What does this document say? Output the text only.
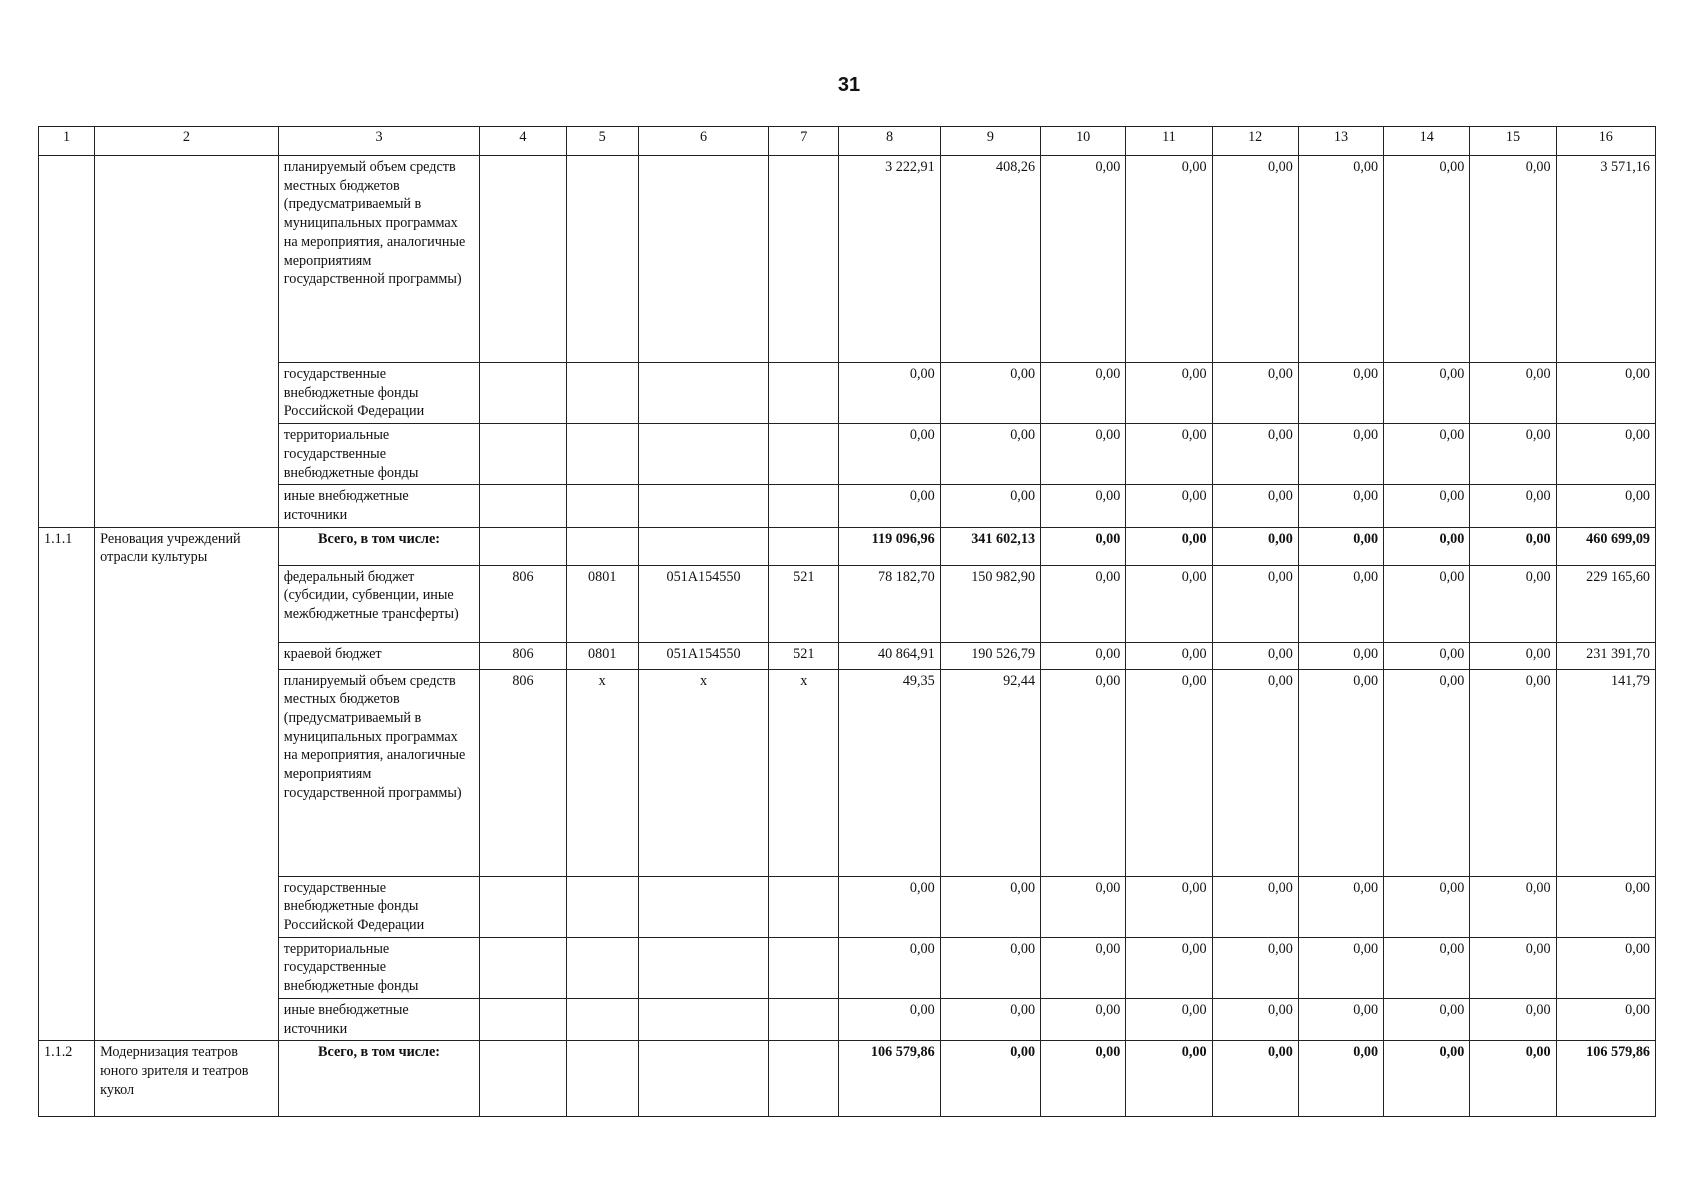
31
1	2	3	4	5	6	7	8	9	10	11	12	13	14	15	16
		планируемый объем средств местных бюджетов (предусматриваемый в муниципальных программах на мероприятия, аналогичные мероприятиям государственной программы)					3 222,91	408,26	0,00	0,00	0,00	0,00	0,00	0,00	3 571,16
		государственные внебюджетные фонды Российской Федерации					0,00	0,00	0,00	0,00	0,00	0,00	0,00	0,00	0,00
		территориальные государственные внебюджетные фонды					0,00	0,00	0,00	0,00	0,00	0,00	0,00	0,00	0,00
		иные внебюджетные источники					0,00	0,00	0,00	0,00	0,00	0,00	0,00	0,00	0,00
1.1.1	Реновация учреждений отрасли культуры	Всего, в том числе:					119 096,96	341 602,13	0,00	0,00	0,00	0,00	0,00	0,00	460 699,09
		федеральный бюджет (субсидии, субвенции, иные межбюджетные трансферты)	806	0801	051A154550	521	78 182,70	150 982,90	0,00	0,00	0,00	0,00	0,00	0,00	229 165,60
		краевой бюджет	806	0801	051A154550	521	40 864,91	190 526,79	0,00	0,00	0,00	0,00	0,00	0,00	231 391,70
		планируемый объем средств местных бюджетов (предусматриваемый в муниципальных программах на мероприятия, аналогичные мероприятиям государственной программы)	806	x	x	x	49,35	92,44	0,00	0,00	0,00	0,00	0,00	0,00	141,79
		государственные внебюджетные фонды Российской Федерации					0,00	0,00	0,00	0,00	0,00	0,00	0,00	0,00	0,00
		территориальные государственные внебюджетные фонды					0,00	0,00	0,00	0,00	0,00	0,00	0,00	0,00	0,00
		иные внебюджетные источники					0,00	0,00	0,00	0,00	0,00	0,00	0,00	0,00	0,00
1.1.2	Модернизация театров юного зрителя и театров кукол	Всего, в том числе:					106 579,86	0,00	0,00	0,00	0,00	0,00	0,00	0,00	106 579,86
